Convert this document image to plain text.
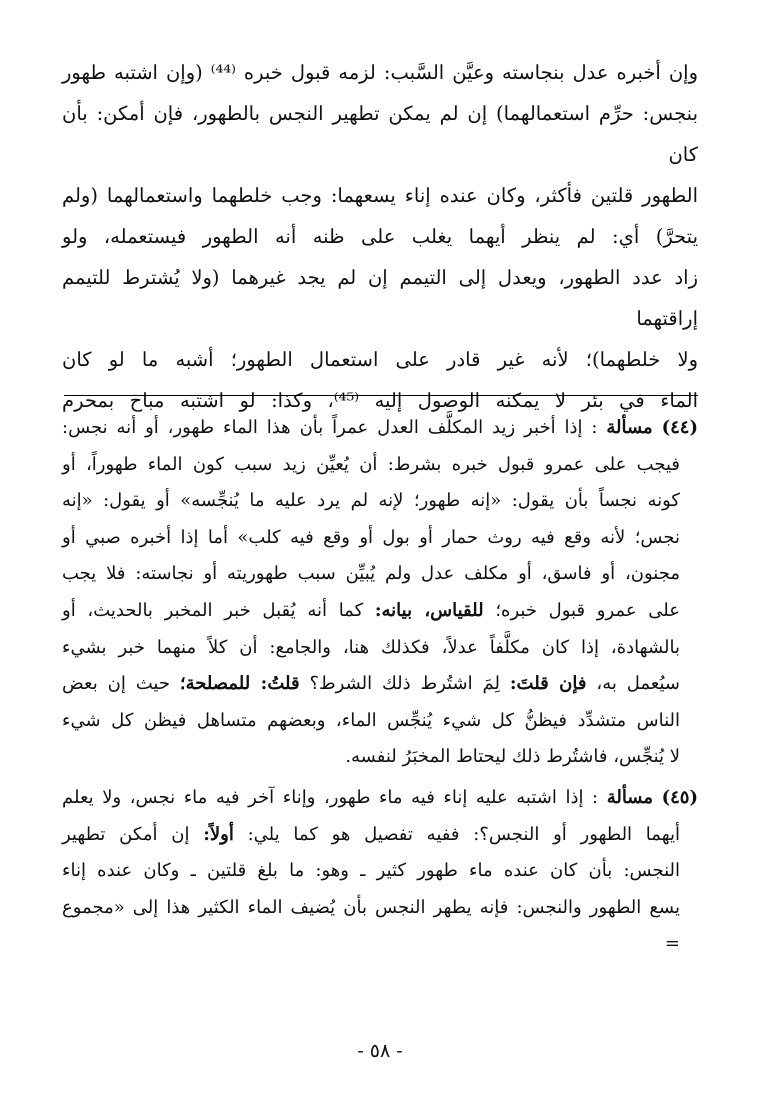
وإن أخبره عدل بنجاسته وعيَّن السَّبب: لزمه قبول خبره ⁽⁴⁴⁾ (وإن اشتبه طهور

بنجس: حرِّم استعمالهما) إن لم يمكن تطهير النجس بالطهور، فإن أمكن: بأن كان

الطهور قلتين فأكثر، وكان عنده إناء يسعهما: وجب خلطهما واستعمالهما (ولم

يتحرَّ) أي: لم ينظر أيهما يغلب على ظنه أنه الطهور فيستعمله، ولو

زاد عدد الطهور، ويعدل إلى التيمم إن لم يجد غيرهما (ولا يُشترط للتيمم إراقتهما

ولا خلطهما)؛ لأنه غير قادر على استعمال الطهور؛ أشبه ما لو كان

الماء في بئر لا يمكنه الوصول إليه ⁽⁴⁵⁾، وكذا: لو اشتبه مباح بمحرم

(٤٤) مسألة : إذا أخبر زيد المكلَّف العدل عمراً بأن هذا الماء طهور، أو أنه نجس:
فيجب على عمرو قبول خبره بشرط: أن يُعيِّن زيد سبب كون الماء طهوراً، أو
كونه نجساً بأن يقول: «إنه طهور؛ لإنه لم يرد عليه ما يُنجِّسه» أو يقول: «إنه
نجس؛ لأنه وقع فيه روث حمار أو بول أو وقع فيه كلب» أما إذا أخبره صبي أو
مجنون، أو فاسق، أو مكلف عدل ولم يُبيِّن سبب طهوريته أو نجاسته: فلا يجب
على عمرو قبول خبره؛ للقياس، بيانه: كما أنه يُقبل خبر المخبر بالحديث، أو
بالشهادة، إذا كان مكلَّفاً عدلاً، فكذلك هنا، والجامع: أن كلاً منهما خبر بشيء
سيُعمل به، فإن قلتَ: لِمَ اشتُرط ذلك الشرط؟ قلتُ: للمصلحة؛ حيث إن بعض
الناس متشدِّد فيظنُّ كل شيء يُنجِّس الماء، وبعضهم متساهل فيظن كل شيء
لا يُنجِّس، فاشتُرط ذلك ليحتاط المخبَرُ لنفسه.
(٤٥) مسألة : إذا اشتبه عليه إناء فيه ماء طهور، وإناء آخر فيه ماء نجس، ولا يعلم
أيهما الطهور أو النجس؟: ففيه تفصيل هو كما يلي: أولاً: إن أمكن تطهير
النجس: بأن كان عنده ماء طهور كثير ـ وهو: ما بلغ قلتين ـ وكان عنده إناء
يسع الطهور والنجس: فإنه يطهر النجس بأن يُضيف الماء الكثير هذا إلى «مجموع
=
- ٥٨ -
